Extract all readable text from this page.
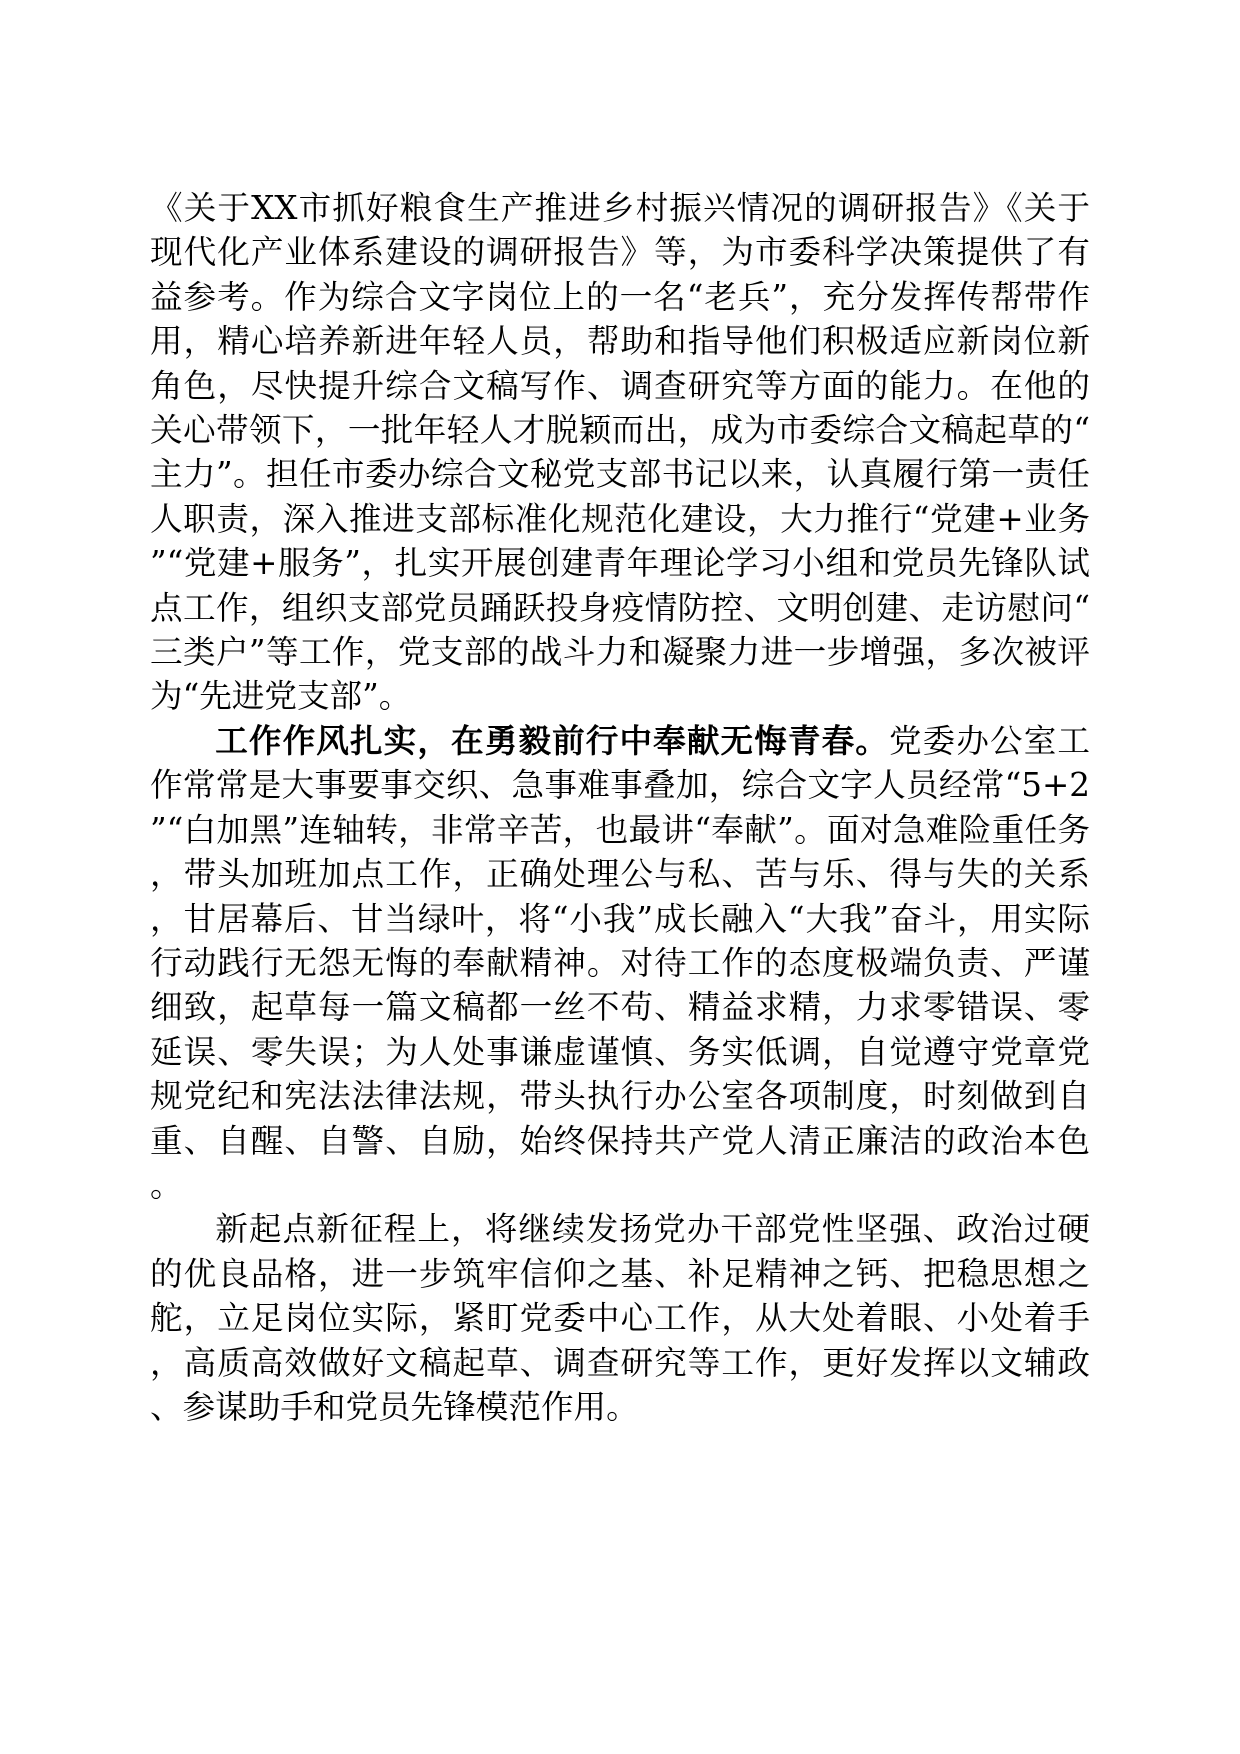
《关于XX市抓好粮食生产推进乡村振兴情况的调研报告》《关于现代化产业体系建设的调研报告》等，为市委科学决策提供了有益参考。作为综合文字岗位上的一名“老兵”，充分发挥传帮带作用，精心培养新进年轻人员，帮助和指导他们积极适应新岗位新角色，尽快提升综合文稿写作、调查研究等方面的能力。在他的关心带领下，一批年轻人才脱颖而出，成为市委综合文稿起草的“主力”。担任市委办综合文秘党支部书记以来，认真履行第一责任人职责，深入推进支部标准化规范化建设，大力推行“党建+业务”“党建+服务”，扎实开展创建青年理论学习小组和党员先锋队试点工作，组织支部党员踊跃投身疫情防控、文明创建、走访慰问“三类户”等工作，党支部的战斗力和凝聚力进一步增强，多次被评为“先进党支部”。

工作作风扎实，在勇毅前行中奉献无悔青春。党委办公室工作常常是大事要事交织、急事难事叠加，综合文字人员经常“5+2”“白加黑”连轴转，非常辛苦，也最讲“奉献”。面对急难险重任务，带头加班加点工作，正确处理公与私、苦与乐、得与失的关系，甘居幕后、甘当绿叶，将“小我”成长融入“大我”奋斗，用实际行动践行无怨无悔的奉献精神。对待工作的态度极端负责、严谨细致，起草每一篇文稿都一丝不苟、精益求精，力求零错误、零延误、零失误；为人处事谦虚谨慎、务实低调，自觉遵守党章党规党纪和宪法法律法规，带头执行办公室各项制度，时刻做到自重、自醒、自警、自励，始终保持共产党人清正廉洁的政治本色。

新起点新征程上，将继续发扬党办干部党性坚强、政治过硬的优良品格，进一步筑牢信仰之基、补足精神之钙、把稳思想之舵，立足岗位实际，紧盯党委中心工作，从大处着眼、小处着手，高质高效做好文稿起草、调查研究等工作，更好发挥以文辅政、参谋助手和党员先锋模范作用。
